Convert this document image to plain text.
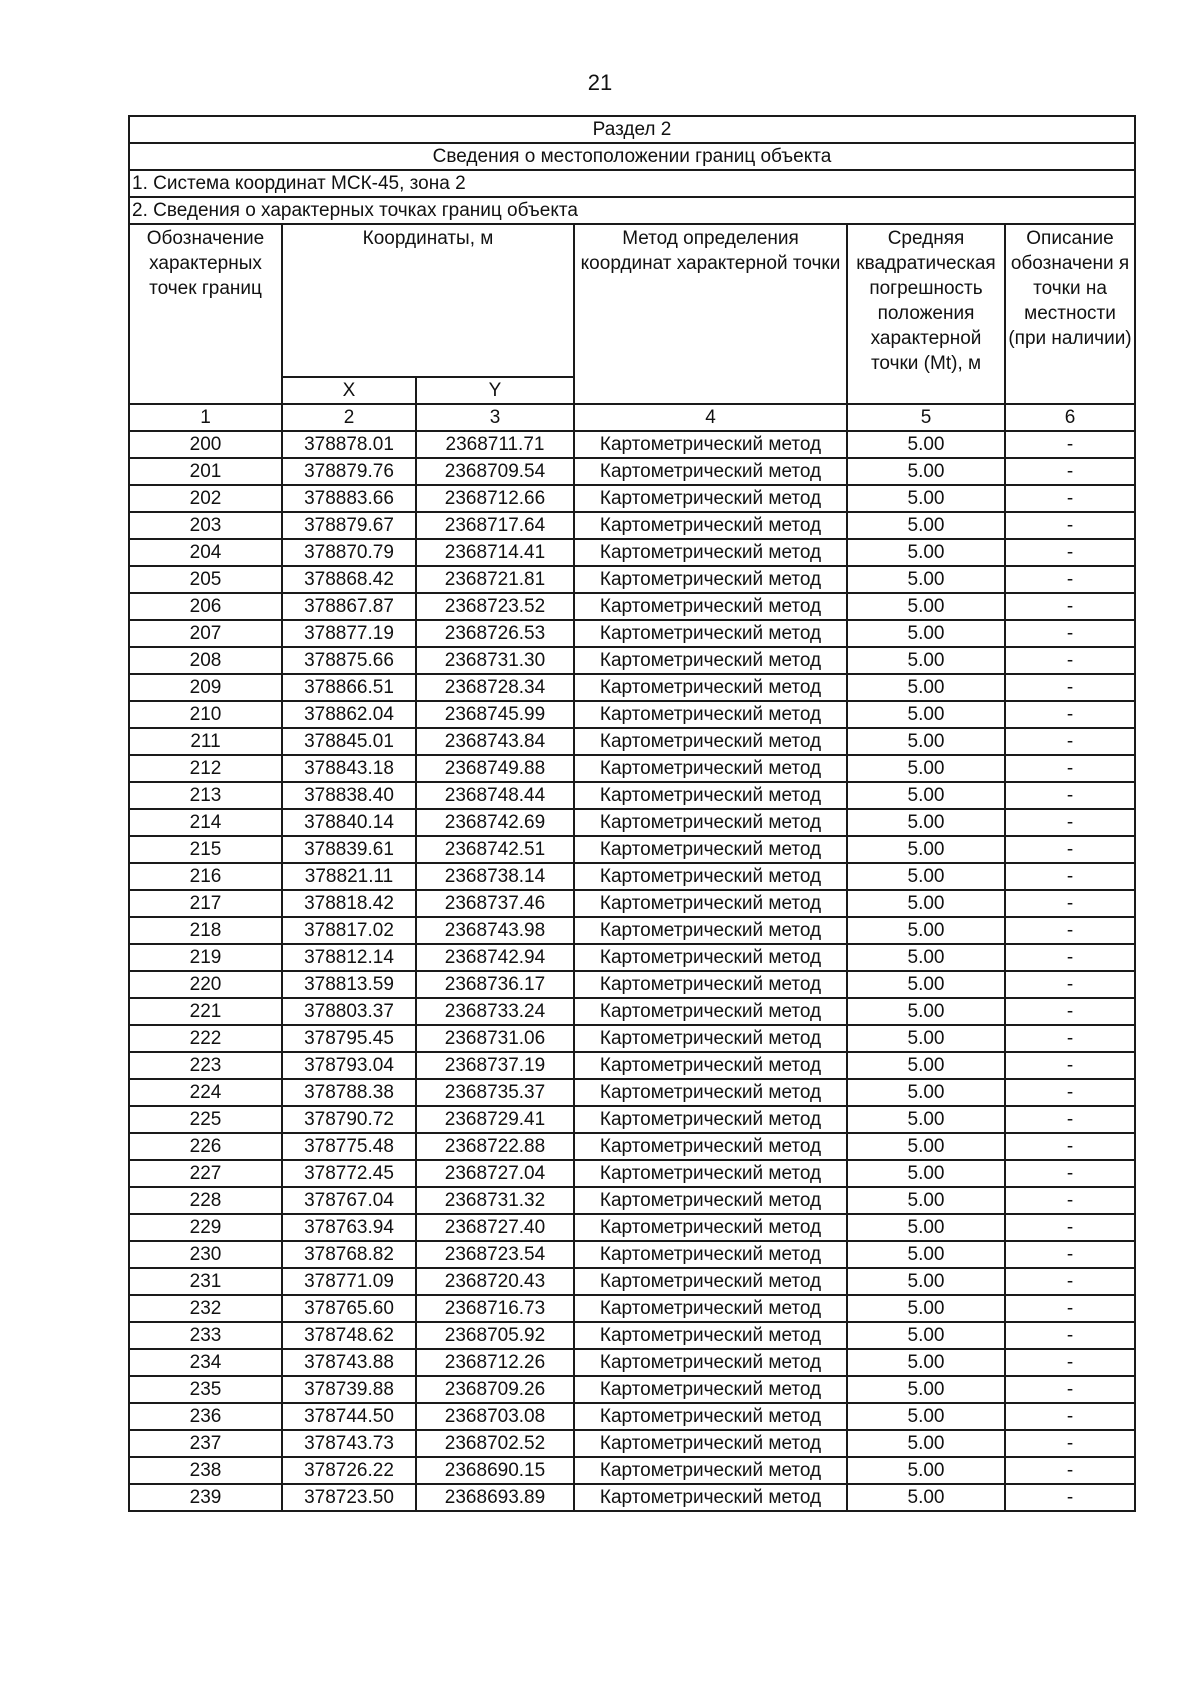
21
Раздел 2					
Сведения о местоположении границ объекта					
1. Система координат МСК-45, зона 2					
2. Сведения о характерных точках границ объекта					
Обозначение характерных точек границ	Координаты, м		Метод определения координат характерной точки	Средняя квадратическая погрешность положения характерной точки (Mt), м	Описание обозначени я точки на местности (при наличии)
	X	Y			
1	2	3	4	5	6
200	378878.01	2368711.71	Картометрический метод	5.00	-
201	378879.76	2368709.54	Картометрический метод	5.00	-
202	378883.66	2368712.66	Картометрический метод	5.00	-
203	378879.67	2368717.64	Картометрический метод	5.00	-
204	378870.79	2368714.41	Картометрический метод	5.00	-
205	378868.42	2368721.81	Картометрический метод	5.00	-
206	378867.87	2368723.52	Картометрический метод	5.00	-
207	378877.19	2368726.53	Картометрический метод	5.00	-
208	378875.66	2368731.30	Картометрический метод	5.00	-
209	378866.51	2368728.34	Картометрический метод	5.00	-
210	378862.04	2368745.99	Картометрический метод	5.00	-
211	378845.01	2368743.84	Картометрический метод	5.00	-
212	378843.18	2368749.88	Картометрический метод	5.00	-
213	378838.40	2368748.44	Картометрический метод	5.00	-
214	378840.14	2368742.69	Картометрический метод	5.00	-
215	378839.61	2368742.51	Картометрический метод	5.00	-
216	378821.11	2368738.14	Картометрический метод	5.00	-
217	378818.42	2368737.46	Картометрический метод	5.00	-
218	378817.02	2368743.98	Картометрический метод	5.00	-
219	378812.14	2368742.94	Картометрический метод	5.00	-
220	378813.59	2368736.17	Картометрический метод	5.00	-
221	378803.37	2368733.24	Картометрический метод	5.00	-
222	378795.45	2368731.06	Картометрический метод	5.00	-
223	378793.04	2368737.19	Картометрический метод	5.00	-
224	378788.38	2368735.37	Картометрический метод	5.00	-
225	378790.72	2368729.41	Картометрический метод	5.00	-
226	378775.48	2368722.88	Картометрический метод	5.00	-
227	378772.45	2368727.04	Картометрический метод	5.00	-
228	378767.04	2368731.32	Картометрический метод	5.00	-
229	378763.94	2368727.40	Картометрический метод	5.00	-
230	378768.82	2368723.54	Картометрический метод	5.00	-
231	378771.09	2368720.43	Картометрический метод	5.00	-
232	378765.60	2368716.73	Картометрический метод	5.00	-
233	378748.62	2368705.92	Картометрический метод	5.00	-
234	378743.88	2368712.26	Картометрический метод	5.00	-
235	378739.88	2368709.26	Картометрический метод	5.00	-
236	378744.50	2368703.08	Картометрический метод	5.00	-
237	378743.73	2368702.52	Картометрический метод	5.00	-
238	378726.22	2368690.15	Картометрический метод	5.00	-
239	378723.50	2368693.89	Картометрический метод	5.00	-
